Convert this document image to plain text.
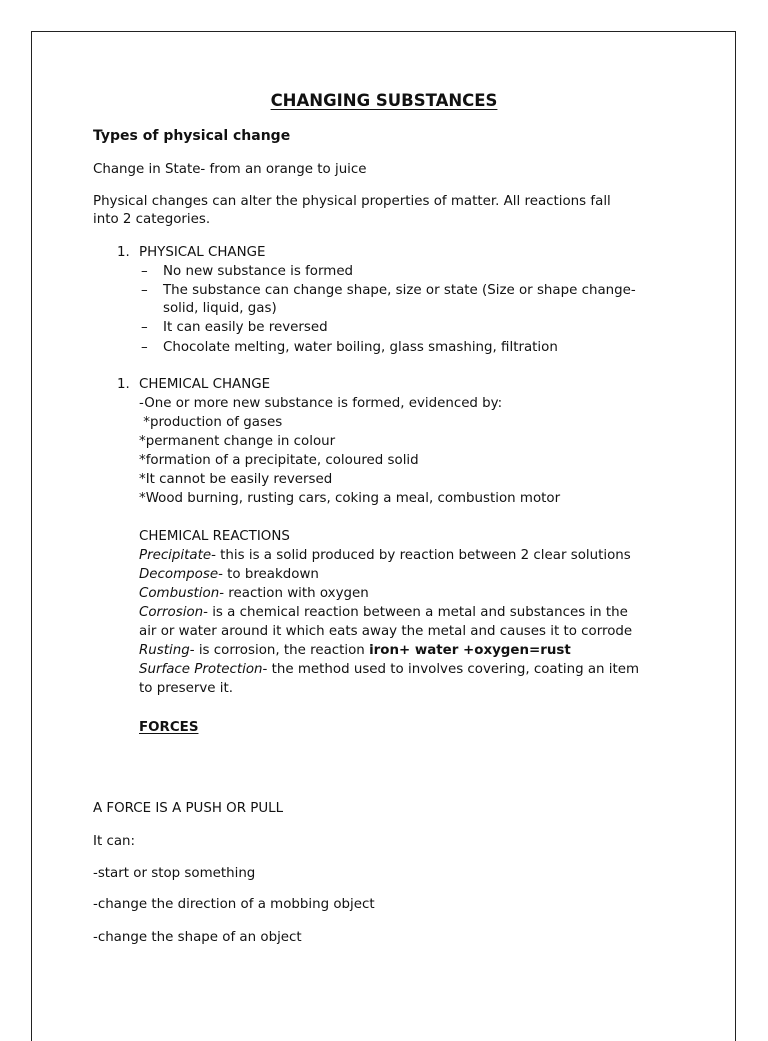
CHANGING SUBSTANCES
Types of physical change
Change in State- from an orange to juice
Physical changes can alter the physical properties of matter. All reactions fall
into 2 categories.
1. PHYSICAL CHANGE
– No new substance is formed
– The substance can change shape, size or state (Size or shape change-
solid, liquid, gas)
– It can easily be reversed
– Chocolate melting, water boiling, glass smashing, filtration
1. CHEMICAL CHANGE
-One or more new substance is formed, evidenced by:
*production of gases
*permanent change in colour
*formation of a precipitate, coloured solid
*It cannot be easily reversed
*Wood burning, rusting cars, coking a meal, combustion motor
CHEMICAL REACTIONS
Precipitate- this is a solid produced by reaction between 2 clear solutions
Decompose- to breakdown
Combustion- reaction with oxygen
Corrosion- is a chemical reaction between a metal and substances in the
air or water around it which eats away the metal and causes it to corrode
Rusting- is corrosion, the reaction iron+ water +oxygen=rust
Surface Protection- the method used to involves covering, coating an item
to preserve it.
FORCES
A FORCE IS A PUSH OR PULL
It can:
-start or stop something
-change the direction of a mobbing object
-change the shape of an object
